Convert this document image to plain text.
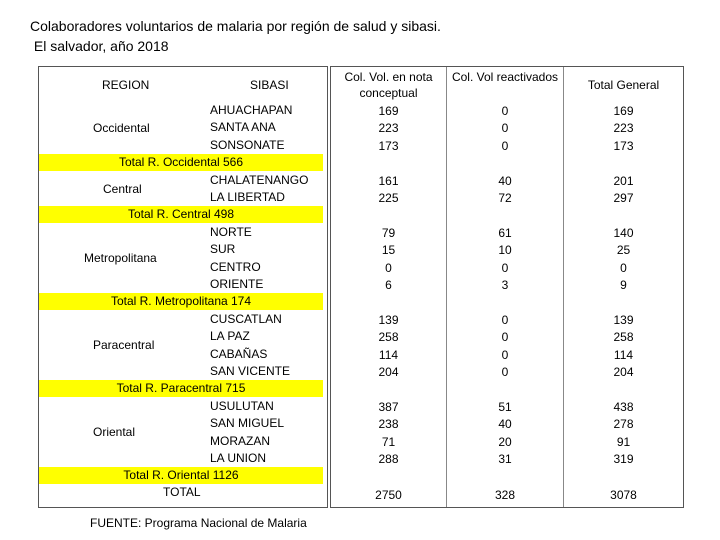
Colaboradores voluntarios de malaria por región de salud y sibasi.
El salvador, año 2018
REGION	SIBASI
Col. Vol. en nota conceptual
169
223
173
161
225
79
15
0
6
139
258
114
204
387
238
71
288
2750
Col. Vol reactivados
0
0
0
40
72
61
10
0
3
0
0
0
0
51
40
20
31
328
Total General
169
223
173
201
297
140
25
0
9
139
258
114
204
438
278
91
319
3078
FUENTE: Programa Nacional de Malaria
Occidental
AHUACHAPAN
SANTA ANA
SONSONATE
Total R. Occidental 566
Central
CHALATENANGO
LA LIBERTAD
Total R. Central 498
Metropolitana
NORTE
SUR
CENTRO
ORIENTE
Total R. Metropolitana 174
Paracentral
CUSCATLAN
LA PAZ
CABAÑAS
SAN VICENTE
Total R. Paracentral 715
Oriental
USULUTAN
SAN MIGUEL
MORAZAN
LA UNION
Total R. Oriental 1126
TOTAL
